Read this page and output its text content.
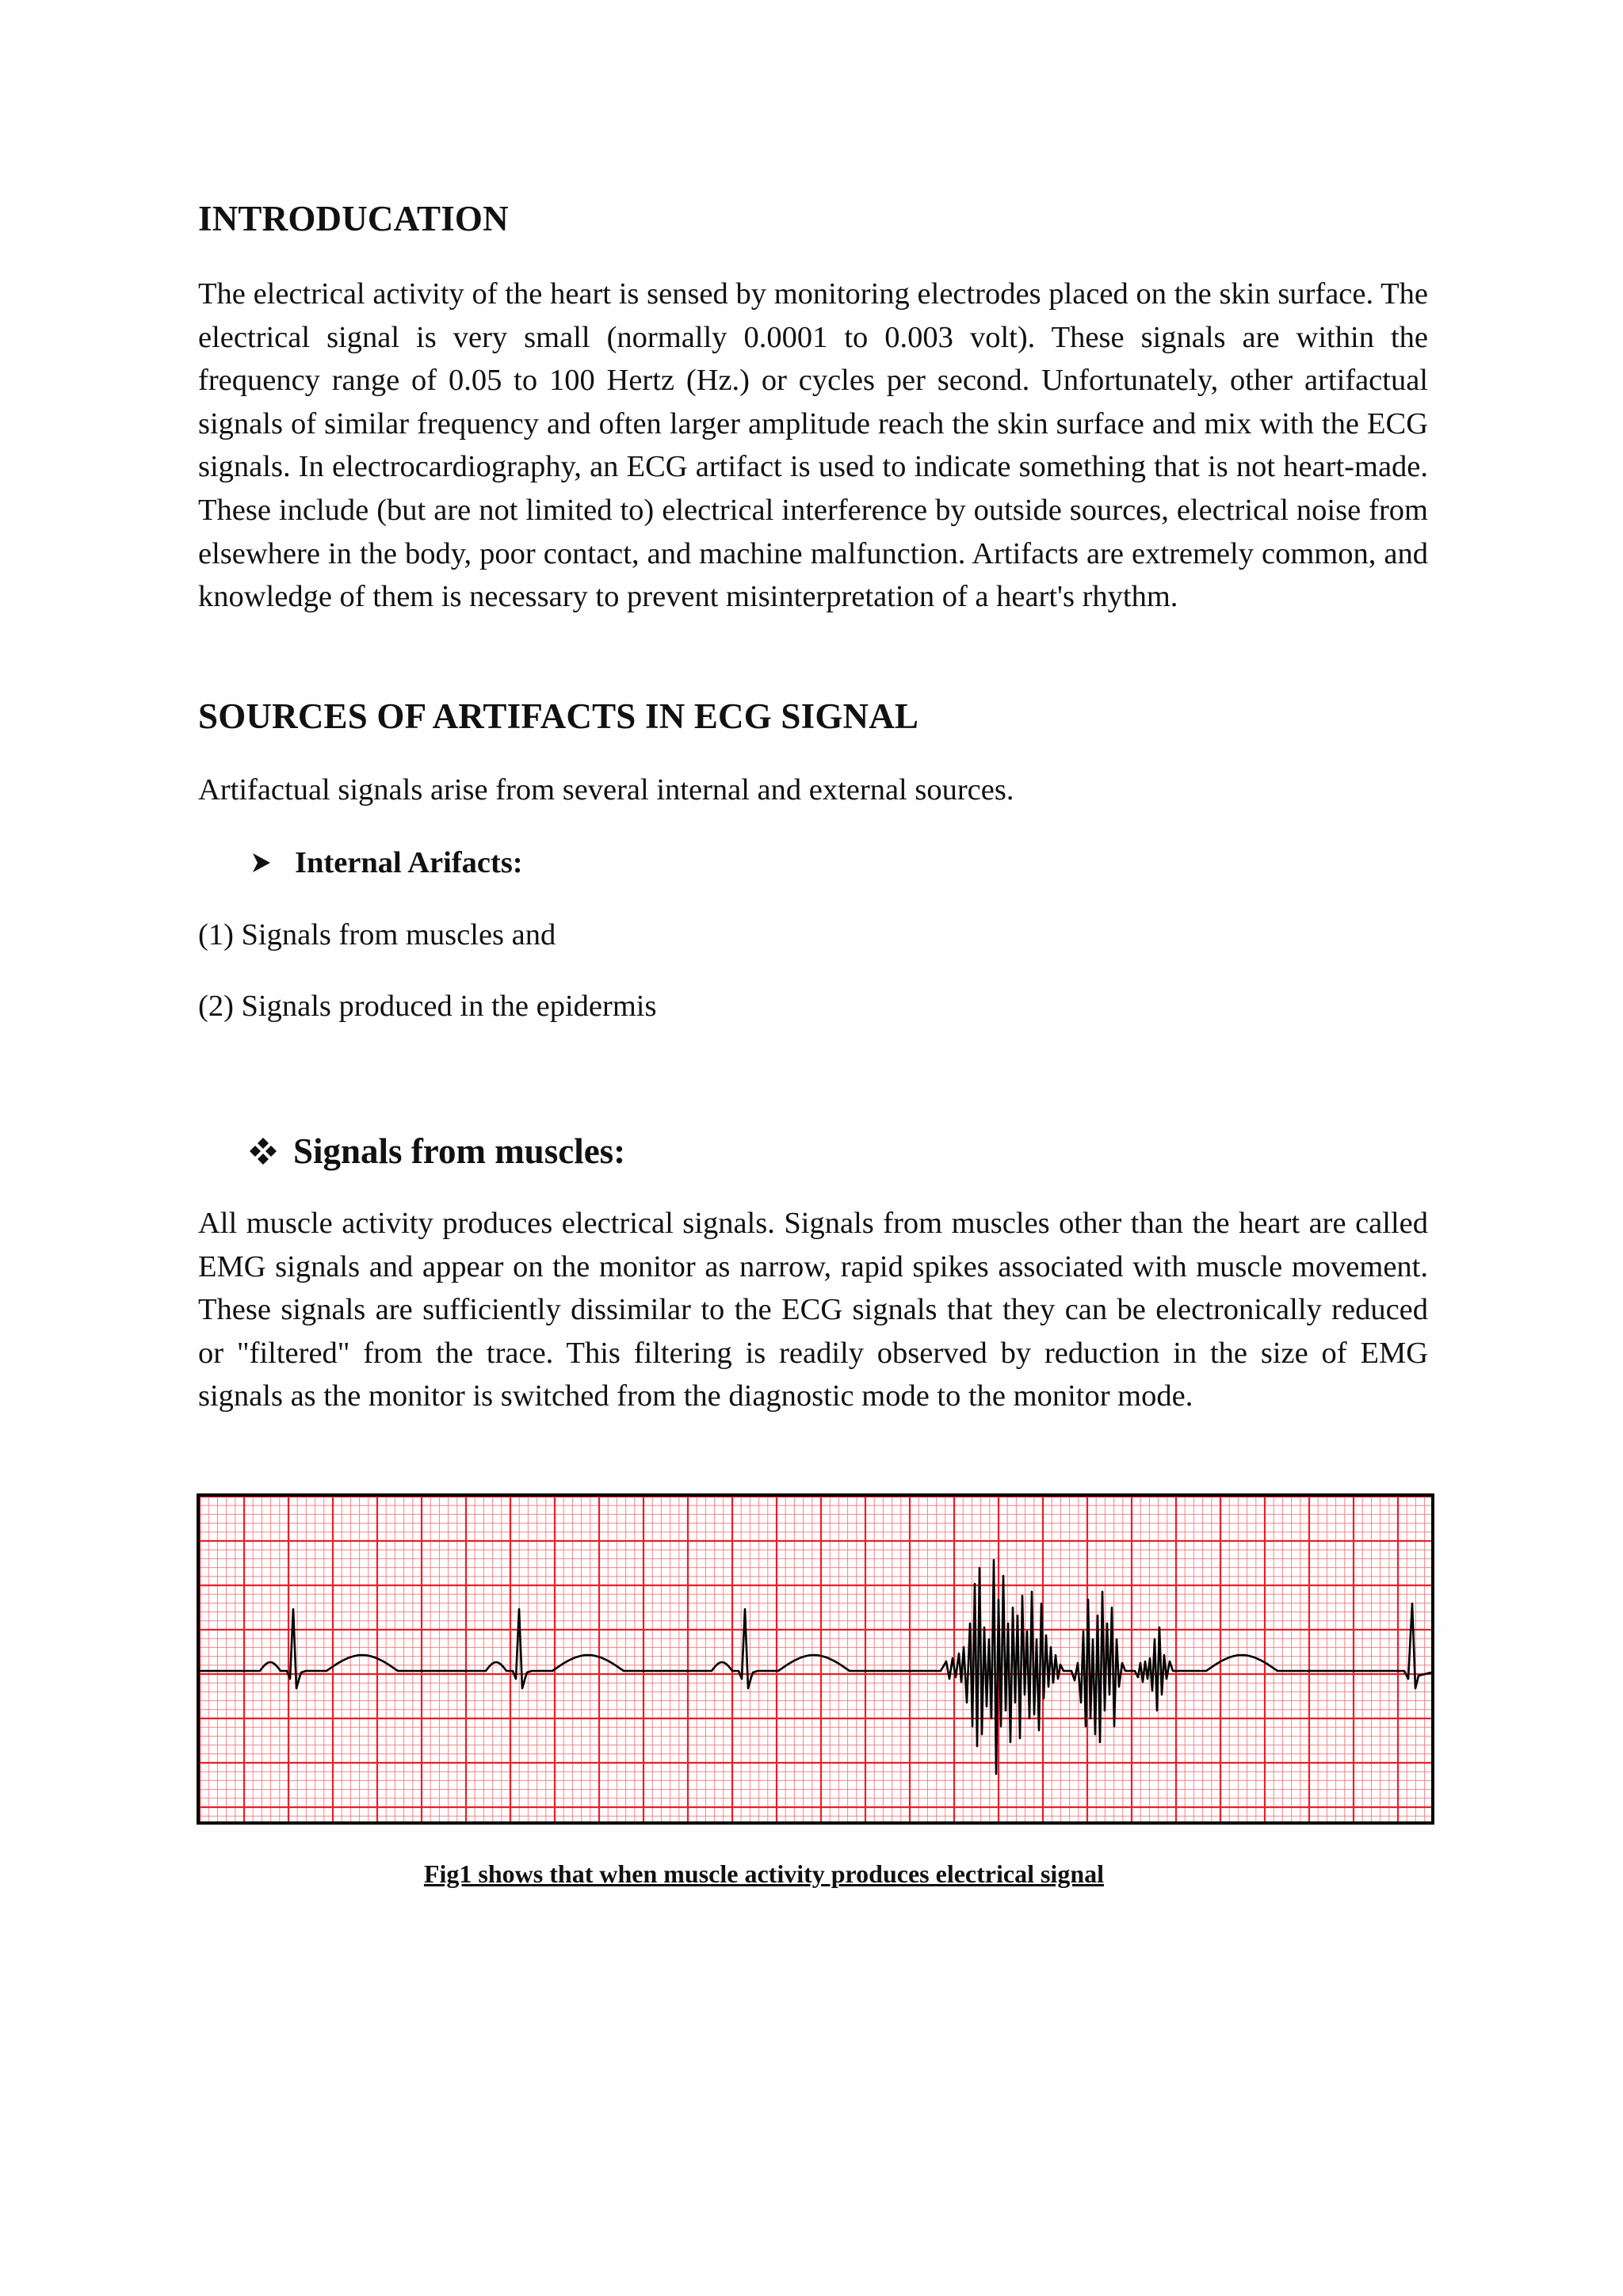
INTRODUCATION

The electrical activity of the heart is sensed by monitoring electrodes placed on the skin surface. The electrical signal is very small (normally 0.0001 to 0.003 volt). These signals are within the frequency range of 0.05 to 100 Hertz (Hz.) or cycles per second. Unfortunately, other artifactual signals of similar frequency and often larger amplitude reach the skin surface and mix with the ECG signals. In electrocardiography, an ECG artifact is used to indicate something that is not heart-made. These include (but are not limited to) electrical interference by outside sources, electrical noise from elsewhere in the body, poor contact, and machine malfunction. Artifacts are extremely common, and knowledge of them is necessary to prevent misinterpretation of a heart's rhythm.

SOURCES OF ARTIFACTS IN ECG SIGNAL

Artifactual signals arise from several internal and external sources.

Internal Arifacts:

(1) Signals from muscles and

(2) Signals produced in the epidermis

Signals from muscles:

All muscle activity produces electrical signals. Signals from muscles other than the heart are called EMG signals and appear on the monitor as narrow, rapid spikes associated with muscle movement. These signals are sufficiently dissimilar to the ECG signals that they can be electronically reduced or "filtered" from the trace. This filtering is readily observed by reduction in the size of EMG signals as the monitor is switched from the diagnostic mode to the monitor mode.

Fig1 shows that when muscle activity produces electrical signal
